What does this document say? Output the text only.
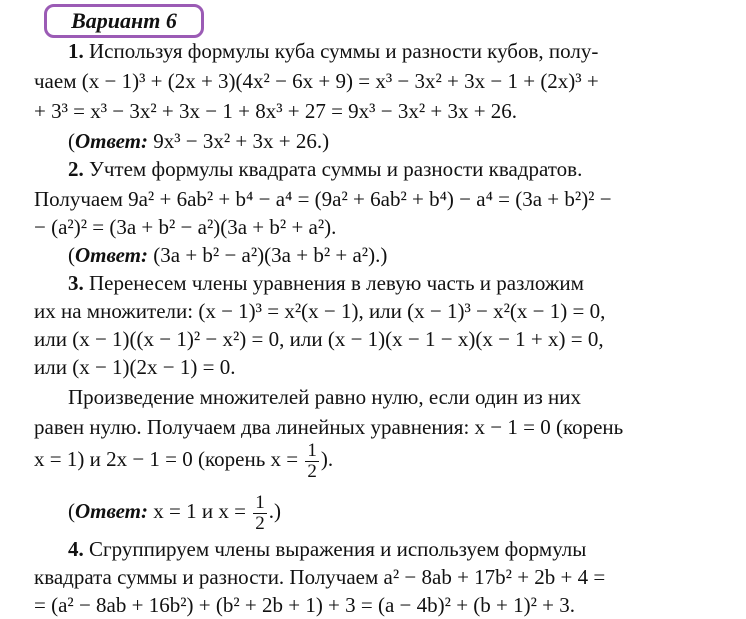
Вариант 6
1. Используя формулы куба суммы и разности кубов, полу-
чаем (x − 1)³ + (2x + 3)(4x² − 6x + 9) = x³ − 3x² + 3x − 1 + (2x)³ +
+ 3³ = x³ − 3x² + 3x − 1 + 8x³ + 27 = 9x³ − 3x² + 3x + 26.
(Ответ: 9x³ − 3x² + 3x + 26.)
2. Учтем формулы квадрата суммы и разности квадратов.
Получаем 9a² + 6ab² + b⁴ − a⁴ = (9a² + 6ab² + b⁴) − a⁴ = (3a + b²)² −
− (a²)² = (3a + b² − a²)(3a + b² + a²).
(Ответ: (3a + b² − a²)(3a + b² + a²).)
3. Перенесем члены уравнения в левую часть и разложим
их на множители: (x − 1)³ = x²(x − 1), или (x − 1)³ − x²(x − 1) = 0,
или (x − 1)((x − 1)² − x²) = 0, или (x − 1)(x − 1 − x)(x − 1 + x) = 0,
или (x − 1)(2x − 1) = 0.
Произведение множителей равно нулю, если один из них
равен нулю. Получаем два линейных уравнения: x − 1 = 0 (корень
x = 1) и 2x − 1 = 0 (корень $x = \frac{1}{2}$ ).
(Ответ: x = 1 и $x = \frac{1}{2}$ .)
4. Сгруппируем члены выражения и используем формулы
квадрата суммы и разности. Получаем a² − 8ab + 17b² + 2b + 4 =
= (a² − 8ab + 16b²) + (b² + 2b + 1) + 3 = (a − 4b)² + (b + 1)² + 3.
